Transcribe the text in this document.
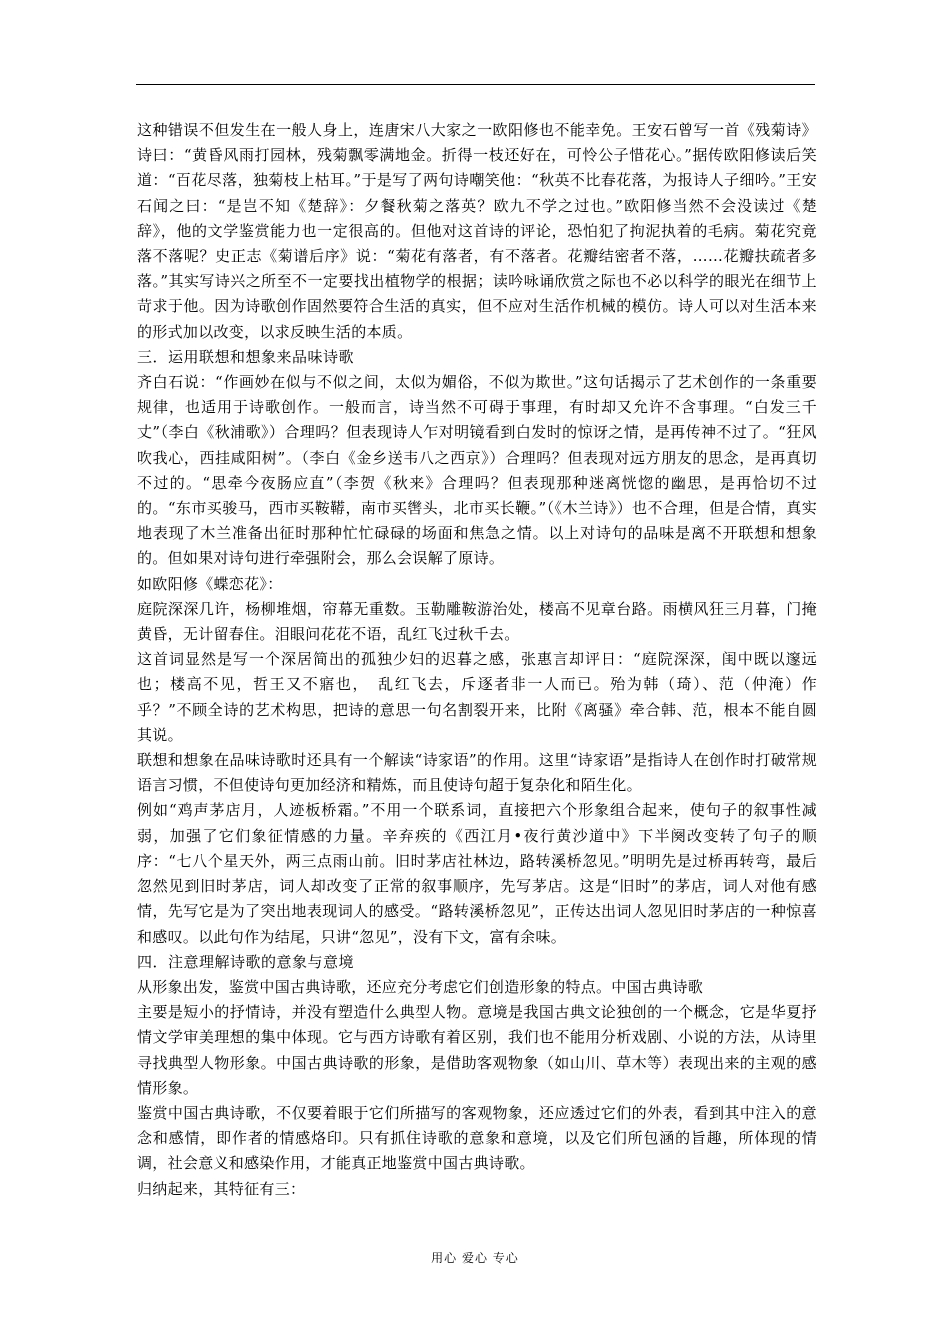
这种错误不但发生在一般人身上，连唐宋八大家之一欧阳修也不能幸免。王安石曾写一首《残菊诗》诗曰：“黄昏风雨打园林，残菊飘零满地金。折得一枝还好在，可怜公子惜花心。”据传欧阳修读后笑道：“百花尽落，独菊枝上枯耳。”于是写了两句诗嘲笑他：“秋英不比春花落，为报诗人子细吟。”王安石闻之曰：“是岂不知《楚辞》：夕餐秋菊之落英？欧九不学之过也。”欧阳修当然不会没读过《楚辞》，他的文学鉴赏能力也一定很高的。但他对这首诗的评论，恐怕犯了拘泥执着的毛病。菊花究竟落不落呢？史正志《菊谱后序》说：“菊花有落者，有不落者。花瓣结密者不落，……花瓣扶疏者多落。”其实写诗兴之所至不一定要找出植物学的根据；读吟咏诵欣赏之际也不必以科学的眼光在细节上苛求于他。因为诗歌创作固然要符合生活的真实，但不应对生活作机械的模仿。诗人可以对生活本来的形式加以改变，以求反映生活的本质。

三．运用联想和想象来品味诗歌

齐白石说：“作画妙在似与不似之间，太似为媚俗，不似为欺世。”这句话揭示了艺术创作的一条重要规律，也适用于诗歌创作。一般而言，诗当然不可碍于事理，有时却又允许不含事理。“白发三千丈”（李白《秋浦歌》）合理吗？但表现诗人乍对明镜看到白发时的惊讶之情，是再传神不过了。“狂风吹我心，西挂咸阳树”。（李白《金乡送韦八之西京》）合理吗？但表现对远方朋友的思念，是再真切不过的。“思牵今夜肠应直”（李贺《秋来》合理吗？但表现那种迷离恍惚的幽思，是再恰切不过的。“东市买骏马，西市买鞍鞯，南市买辔头，北市买长鞭。”（《木兰诗》）也不合理，但是合情，真实地表现了木兰准备出征时那种忙忙碌碌的场面和焦急之情。以上对诗句的品味是离不开联想和想象的。但如果对诗句进行牵强附会，那么会误解了原诗。

如欧阳修《蝶恋花》：

庭院深深几许，杨柳堆烟，帘幕无重数。玉勒雕鞍游治处，楼高不见章台路。雨横风狂三月暮，门掩黄昏，无计留春住。泪眼问花花不语，乱红飞过秋千去。

这首词显然是写一个深居简出的孤独少妇的迟暮之感，张惠言却评日：“庭院深深，闺中既以邃远也；楼高不见，哲王又不寤也，　乱红飞去，斥逐者非一人而已。殆为韩（琦）、范（仲淹）作乎？”不顾全诗的艺术构思，把诗的意思一句名割裂开来，比附《离骚》牵合韩、范，根本不能自圆其说。

联想和想象在品味诗歌时还具有一个解读“诗家语”的作用。这里“诗家语”是指诗人在创作时打破常规语言习惯，不但使诗句更加经济和精炼，而且使诗句超于复杂化和陌生化。

例如“鸡声茅店月，人迹板桥霜。”不用一个联系词，直接把六个形象组合起来，使句子的叙事性减弱，加强了它们象征情感的力量。辛弃疾的《西江月•夜行黄沙道中》下半阕改变转了句子的顺序：“七八个星天外，两三点雨山前。旧时茅店社林边，路转溪桥忽见。”明明先是过桥再转弯，最后忽然见到旧时茅店，词人却改变了正常的叙事顺序，先写茅店。这是“旧时”的茅店，词人对他有感情，先写它是为了突出地表现词人的感受。“路转溪桥忽见”，正传达出词人忽见旧时茅店的一种惊喜和感叹。以此句作为结尾，只讲“忽见”，没有下文，富有余味。

四．注意理解诗歌的意象与意境

从形象出发，鉴赏中国古典诗歌，还应充分考虑它们创造形象的特点。中国古典诗歌

主要是短小的抒情诗，并没有塑造什么典型人物。意境是我国古典文论独创的一个概念，它是华夏抒情文学审美理想的集中体现。它与西方诗歌有着区别，我们也不能用分析戏剧、小说的方法，从诗里寻找典型人物形象。中国古典诗歌的形象，是借助客观物象（如山川、草木等）表现出来的主观的感情形象。

鉴赏中国古典诗歌，不仅要着眼于它们所描写的客观物象，还应透过它们的外表，看到其中注入的意念和感情，即作者的情感烙印。只有抓住诗歌的意象和意境，以及它们所包涵的旨趣，所体现的情调，社会意义和感染作用，才能真正地鉴赏中国古典诗歌。

归纳起来，其特征有三：

用心 爱心 专心
